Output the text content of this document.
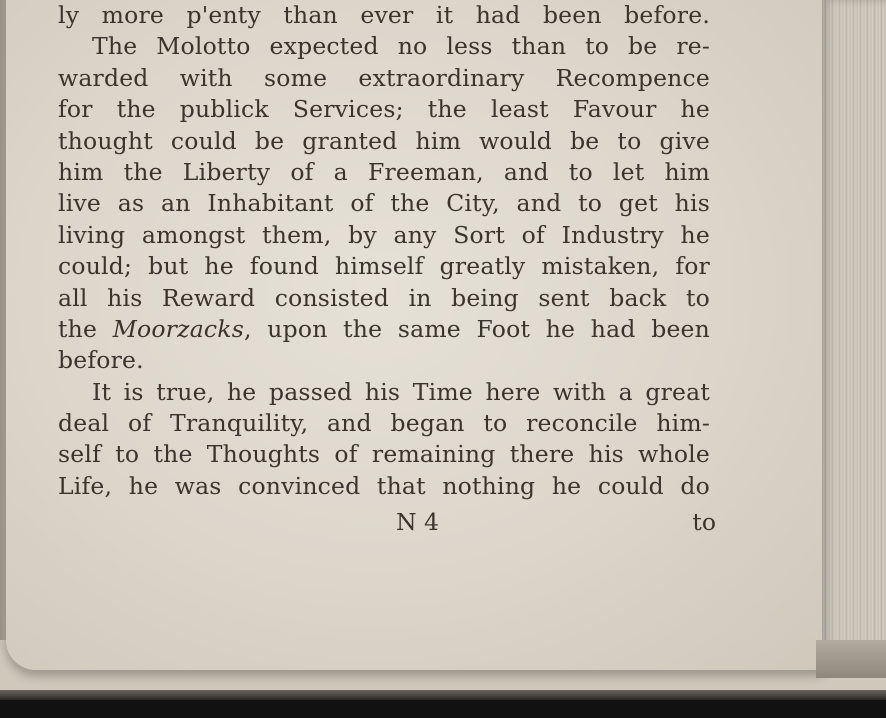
ly more p'enty than ever it had been before.
The Molotto expected no less than to be re-
warded with some extraordinary Recompence
for the publick Services; the least Favour he
thought could be granted him would be to give
him the Liberty of a Freeman, and to let him
live as an Inhabitant of the City, and to get his
living amongst them, by any Sort of Industry he
could; but he found himself greatly mistaken, for
all his Reward consisted in being sent back to
the Moorzacks, upon the same Foot he had been
before.
It is true, he passed his Time here with a great
deal of Tranquility, and began to reconcile him-
self to the Thoughts of remaining there his whole
Life, he was convinced that nothing he could do
N 4	to
